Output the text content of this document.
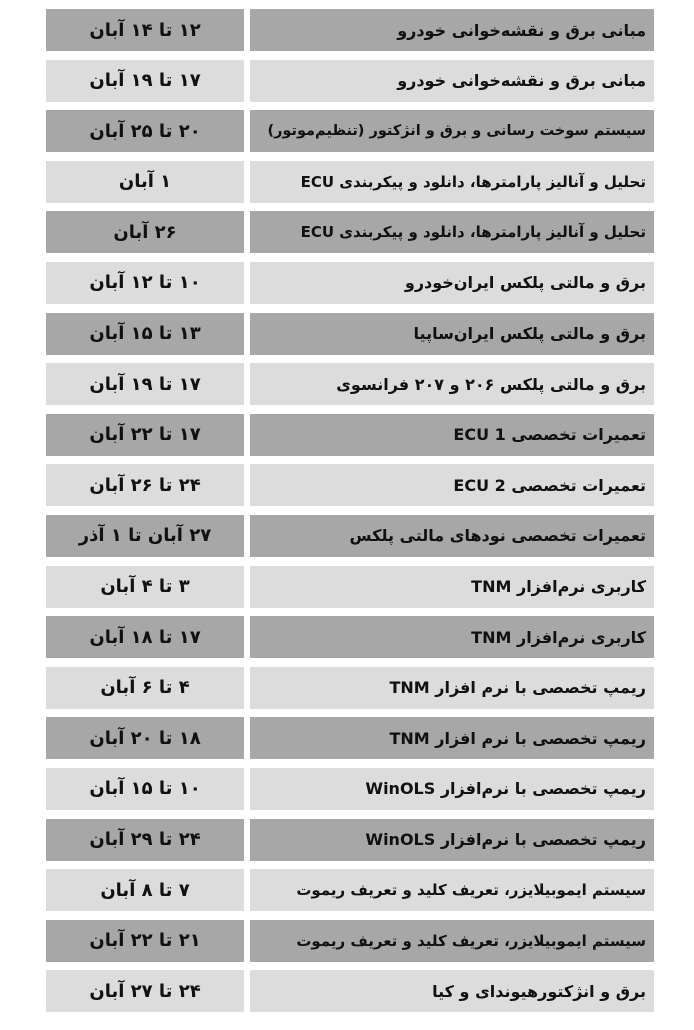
مبانی برق و نقشه‌خوانی خودرو
۱۲ تا ۱۴ آبان
مبانی برق و نقشه‌خوانی خودرو
۱۷ تا ۱۹ آبان
سیستم سوخت رسانی و برق و انژکتور (تنظیم‌موتور)
۲۰ تا ۲۵ آبان
تحلیل و آنالیز پارامترها، دانلود و پیکربندی ECU
۱ آبان
تحلیل و آنالیز پارامترها، دانلود و پیکربندی ECU
۲۶ آبان
برق و مالتی پلکس ایران‌خودرو
۱۰ تا ۱۲ آبان
برق و مالتی پلکس ایران‌ساپیا
۱۳ تا ۱۵ آبان
برق و مالتی پلکس ۲۰۶ و ۲۰۷ فرانسوی
۱۷ تا ۱۹ آبان
تعمیرات تخصصی ECU 1
۱۷ تا ۲۲ آبان
تعمیرات تخصصی ECU 2
۲۴ تا ۲۶ آبان
تعمیرات تخصصی نودهای مالتی پلکس
۲۷ آبان تا ۱ آذر
کاربری نرم‌افزار TNM
۳ تا ۴ آبان
کاربری نرم‌افزار TNM
۱۷ تا ۱۸ آبان
ریمپ تخصصی با نرم افزار TNM
۴ تا ۶ آبان
ریمپ تخصصی با نرم افزار TNM
۱۸ تا ۲۰ آبان
ریمپ تخصصی با نرم‌افزار WinOLS
۱۰ تا ۱۵ آبان
ریمپ تخصصی با نرم‌افزار WinOLS
۲۴ تا ۲۹ آبان
سیستم ایموبیلایزر، تعریف کلید و تعریف ریموت
۷ تا ۸ آبان
سیستم ایموبیلایزر، تعریف کلید و تعریف ریموت
۲۱ تا ۲۲ آبان
برق و انژکتورهیوندای و کیا
۲۴ تا ۲۷ آبان
